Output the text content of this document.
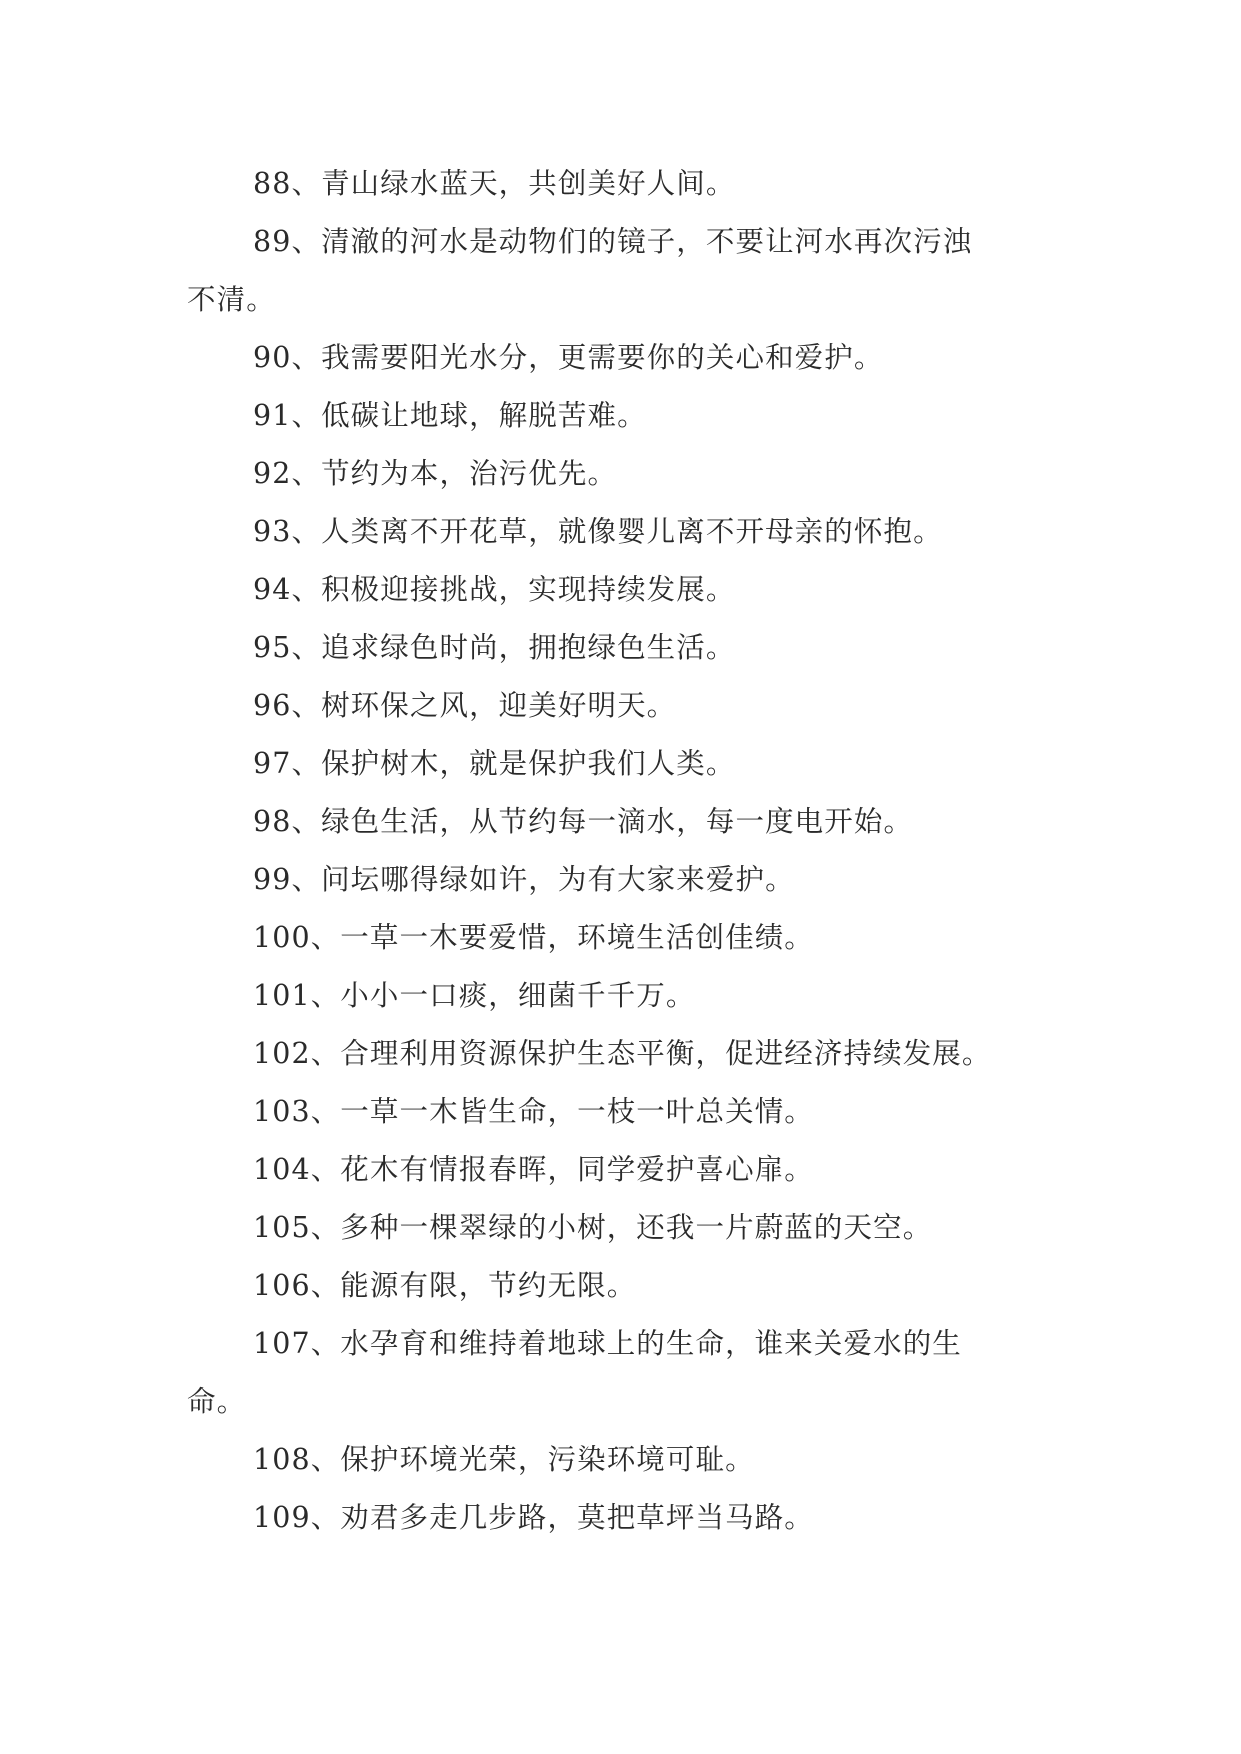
88、青山绿水蓝天，共创美好人间。
89、清澈的河水是动物们的镜子，不要让河水再次污浊
不清。
90、我需要阳光水分，更需要你的关心和爱护。
91、低碳让地球，解脱苦难。
92、节约为本，治污优先。
93、人类离不开花草，就像婴儿离不开母亲的怀抱。
94、积极迎接挑战，实现持续发展。
95、追求绿色时尚，拥抱绿色生活。
96、树环保之风，迎美好明天。
97、保护树木，就是保护我们人类。
98、绿色生活，从节约每一滴水，每一度电开始。
99、问坛哪得绿如许，为有大家来爱护。
100、一草一木要爱惜，环境生活创佳绩。
101、小小一口痰，细菌千千万。
102、合理利用资源保护生态平衡，促进经济持续发展。
103、一草一木皆生命，一枝一叶总关情。
104、花木有情报春晖，同学爱护喜心扉。
105、多种一棵翠绿的小树，还我一片蔚蓝的天空。
106、能源有限，节约无限。
107、水孕育和维持着地球上的生命，谁来关爱水的生
命。
108、保护环境光荣，污染环境可耻。
109、劝君多走几步路，莫把草坪当马路。
